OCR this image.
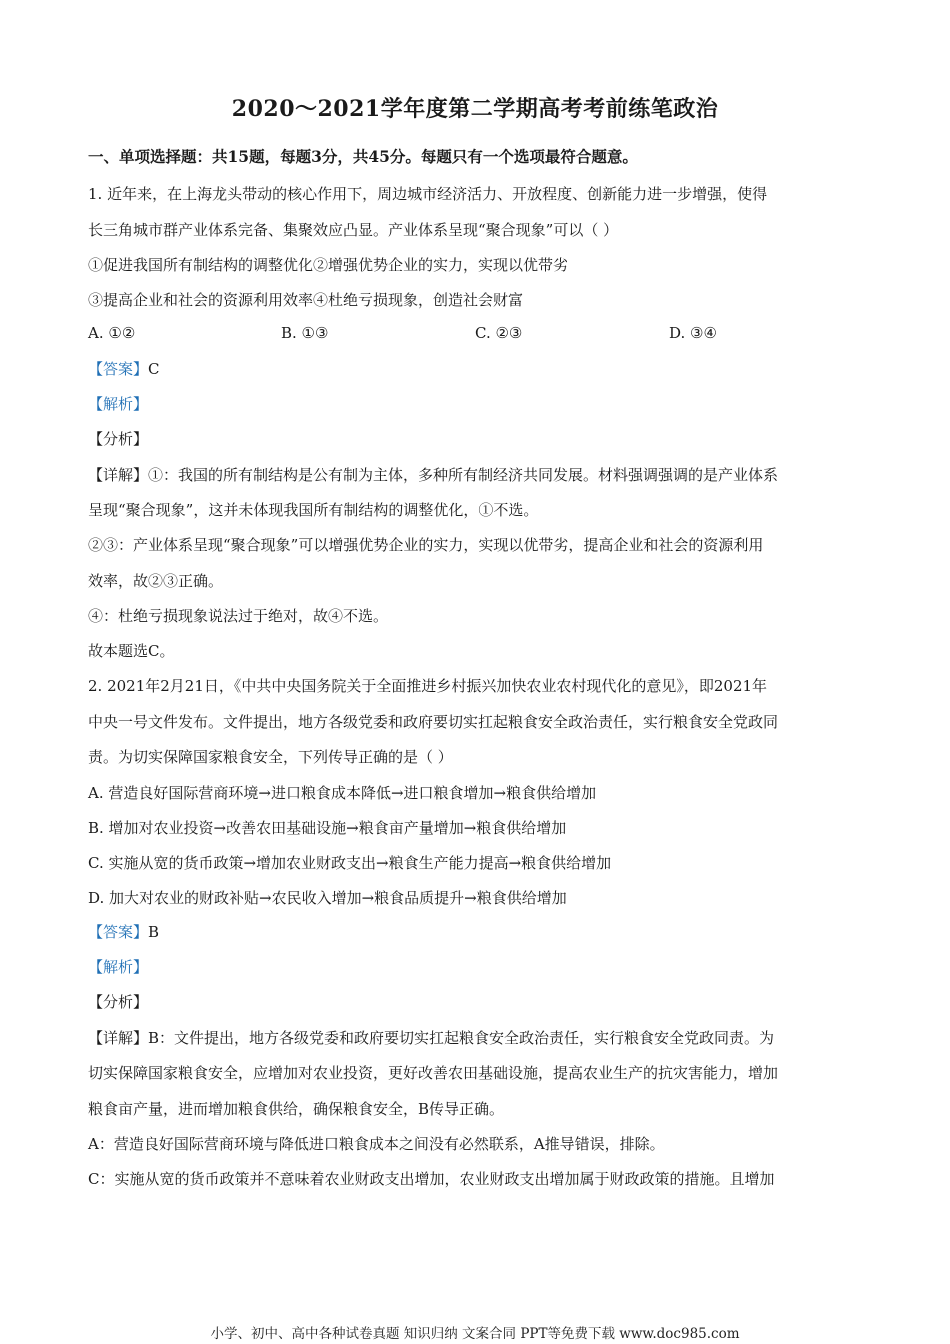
2020～2021学年度第二学期高考考前练笔政治
一、单项选择题：共15题，每题3分，共45分。每题只有一个选项最符合题意。
1. 近年来，在上海龙头带动的核心作用下，周边城市经济活力、开放程度、创新能力进一步增强，使得
长三角城市群产业体系完备、集聚效应凸显。产业体系呈现“聚合现象”可以（ ）
①促进我国所有制结构的调整优化②增强优势企业的实力，实现以优带劣
③提高企业和社会的资源利用效率④杜绝亏损现象，创造社会财富
A. ①②	B. ①③	C. ②③	D. ③④
【答案】C
【解析】
【分析】
【详解】①：我国的所有制结构是公有制为主体，多种所有制经济共同发展。材料强调强调的是产业体系
呈现“聚合现象”，这并未体现我国所有制结构的调整优化，①不选。
②③：产业体系呈现“聚合现象”可以增强优势企业的实力，实现以优带劣，提高企业和社会的资源利用
效率，故②③正确。
④：杜绝亏损现象说法过于绝对，故④不选。
故本题选C。
2. 2021年2月21日，《中共中央国务院关于全面推进乡村振兴加快农业农村现代化的意见》，即2021年
中央一号文件发布。文件提出，地方各级党委和政府要切实扛起粮食安全政治责任，实行粮食安全党政同
责。为切实保障国家粮食安全，下列传导正确的是（ ）
A. 营造良好国际营商环境→进口粮食成本降低→进口粮食增加→粮食供给增加
B. 增加对农业投资→改善农田基础设施→粮食亩产量增加→粮食供给增加
C. 实施从宽的货币政策→增加农业财政支出→粮食生产能力提高→粮食供给增加
D. 加大对农业的财政补贴→农民收入增加→粮食品质提升→粮食供给增加
【答案】B
【解析】
【分析】
【详解】B：文件提出，地方各级党委和政府要切实扛起粮食安全政治责任，实行粮食安全党政同责。为
切实保障国家粮食安全，应增加对农业投资，更好改善农田基础设施，提高农业生产的抗灾害能力，增加
粮食亩产量，进而增加粮食供给，确保粮食安全，B传导正确。
A：营造良好国际营商环境与降低进口粮食成本之间没有必然联系，A推导错误，排除。
C：实施从宽的货币政策并不意味着农业财政支出增加，农业财政支出增加属于财政政策的措施。且增加
小学、初中、高中各种试卷真题 知识归纳 文案合同 PPT等免费下载 www.doc985.com
